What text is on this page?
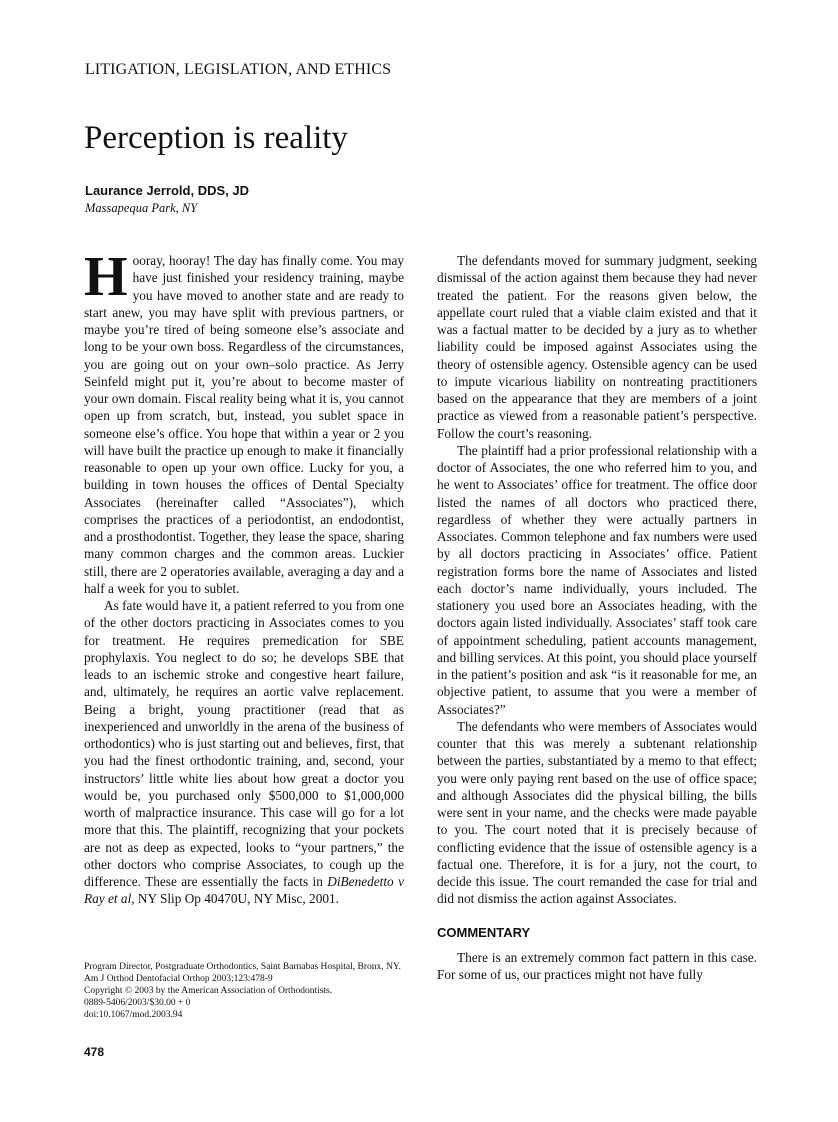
LITIGATION, LEGISLATION, AND ETHICS
Perception is reality
Laurance Jerrold, DDS, JD
Massapequa Park, NY

Hooray, hooray! The day has finally come. You may have just finished your residency training, maybe you have moved to another state and are ready to start anew, you may have split with previous partners, or maybe you’re tired of being someone else’s associate and long to be your own boss. Regardless of the circumstances, you are going out on your own–solo practice. As Jerry Seinfeld might put it, you’re about to become master of your own domain. Fiscal reality being what it is, you cannot open up from scratch, but, instead, you sublet space in someone else’s office. You hope that within a year or 2 you will have built the practice up enough to make it financially reasonable to open up your own office. Lucky for you, a building in town houses the offices of Dental Specialty Associates (hereinafter called “Associates”), which comprises the practices of a periodontist, an endodontist, and a prosthodontist. Together, they lease the space, sharing many common charges and the common areas. Luckier still, there are 2 operatories available, averaging a day and a half a week for you to sublet.

As fate would have it, a patient referred to you from one of the other doctors practicing in Associates comes to you for treatment. He requires premedication for SBE prophylaxis. You neglect to do so; he develops SBE that leads to an ischemic stroke and congestive heart failure, and, ultimately, he requires an aortic valve replacement. Being a bright, young practitioner (read that as inexperienced and unworldly in the arena of the business of orthodontics) who is just starting out and believes, first, that you had the finest orthodontic training, and, second, your instructors’ little white lies about how great a doctor you would be, you purchased only $500,000 to $1,000,000 worth of malpractice insurance. This case will go for a lot more that this. The plaintiff, recognizing that your pockets are not as deep as expected, looks to “your partners,” the other doctors who comprise Associates, to cough up the difference. These are essentially the facts in DiBenedetto v Ray et al, NY Slip Op 40470U, NY Misc, 2001.

The defendants moved for summary judgment, seeking dismissal of the action against them because they had never treated the patient. For the reasons given below, the appellate court ruled that a viable claim existed and that it was a factual matter to be decided by a jury as to whether liability could be imposed against Associates using the theory of ostensible agency. Ostensible agency can be used to impute vicarious liability on nontreating practitioners based on the appearance that they are members of a joint practice as viewed from a reasonable patient’s perspective. Follow the court’s reasoning.

The plaintiff had a prior professional relationship with a doctor of Associates, the one who referred him to you, and he went to Associates’ office for treatment. The office door listed the names of all doctors who practiced there, regardless of whether they were actually partners in Associates. Common telephone and fax numbers were used by all doctors practicing in Associates’ office. Patient registration forms bore the name of Associates and listed each doctor’s name individually, yours included. The stationery you used bore an Associates heading, with the doctors again listed individually. Associates’ staff took care of appointment scheduling, patient accounts management, and billing services. At this point, you should place yourself in the patient’s position and ask “is it reasonable for me, an objective patient, to assume that you were a member of Associates?”

The defendants who were members of Associates would counter that this was merely a subtenant relationship between the parties, substantiated by a memo to that effect; you were only paying rent based on the use of office space; and although Associates did the physical billing, the bills were sent in your name, and the checks were made payable to you. The court noted that it is precisely because of conflicting evidence that the issue of ostensible agency is a factual one. Therefore, it is for a jury, not the court, to decide this issue. The court remanded the case for trial and did not dismiss the action against Associates.

COMMENTARY

There is an extremely common fact pattern in this case. For some of us, our practices might not have fully

Program Director, Postgraduate Orthodontics, Saint Barnabas Hospital, Bronx, NY.
Am J Orthod Dentofacial Orthop 2003;123:478-9
Copyright © 2003 by the American Association of Orthodontists.
0889-5406/2003/$30.00 + 0
doi:10.1067/mod.2003.94
478
